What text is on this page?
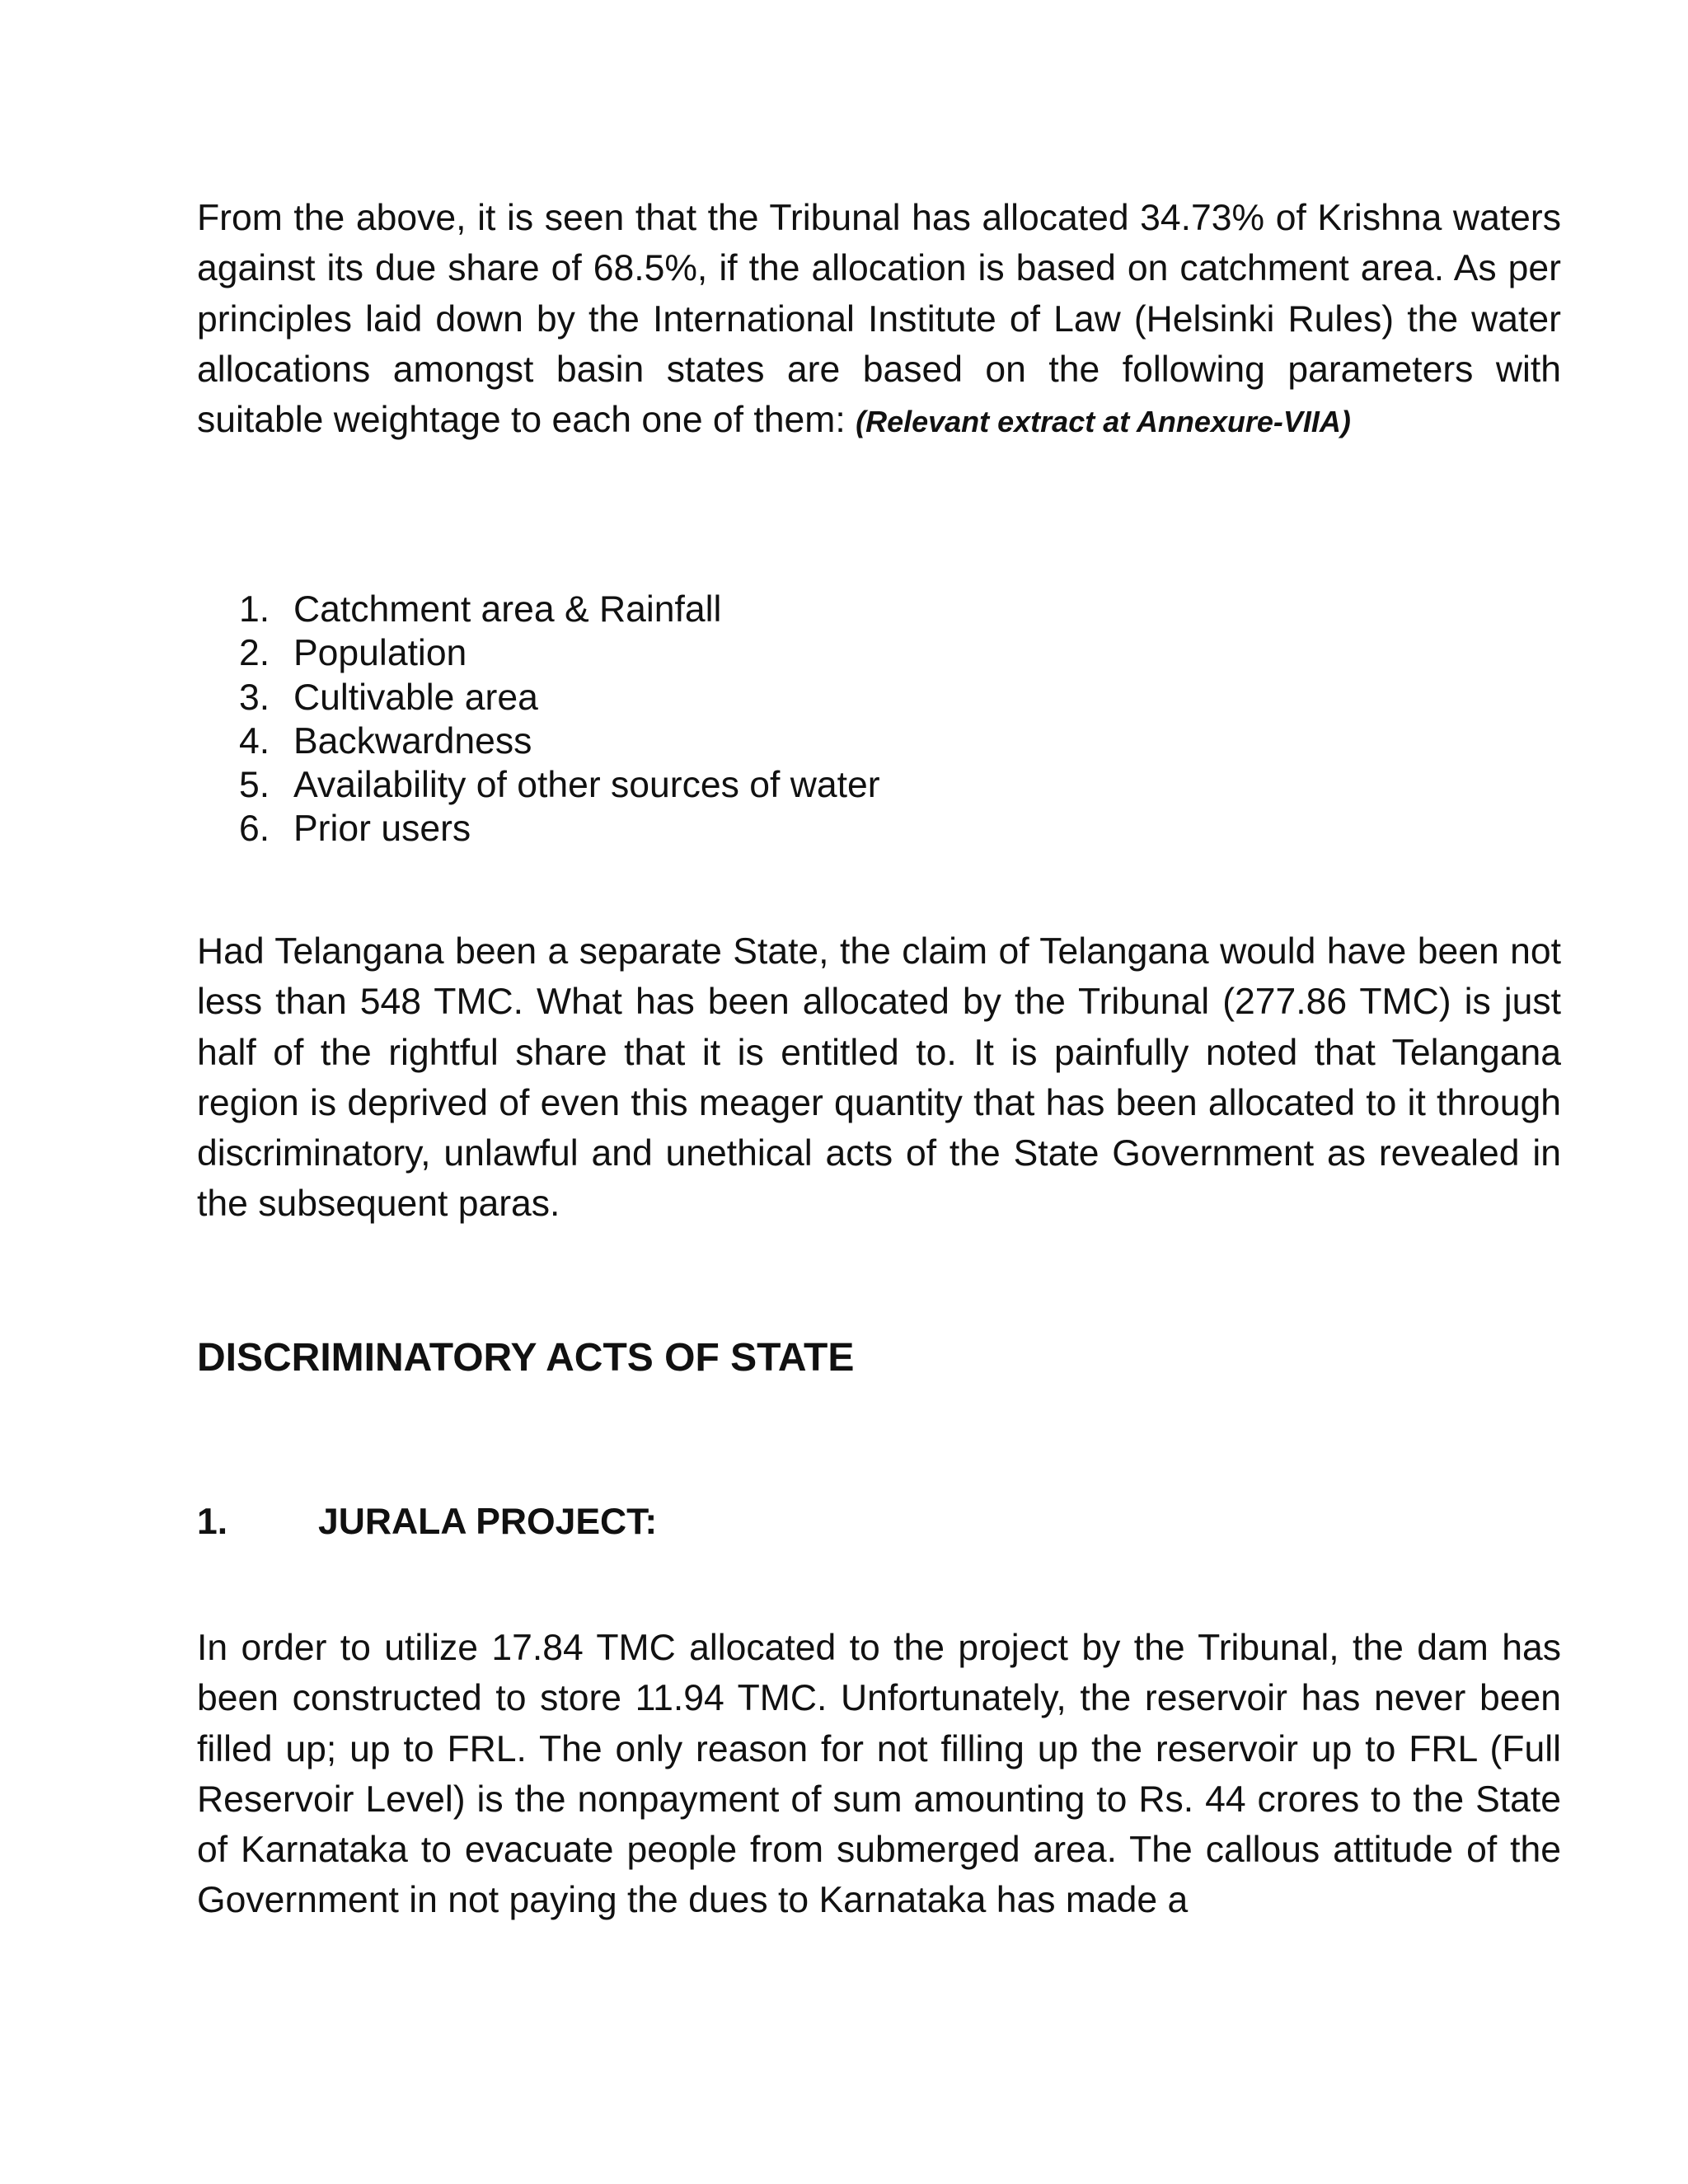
From the above, it is seen that the Tribunal has allocated 34.73% of Krishna waters against its due share of 68.5%, if the allocation is based on catchment area. As per principles laid down by the International Institute of Law (Helsinki Rules) the water allocations amongst basin states are based on the following parameters with suitable weightage to each one of them: (Relevant extract at Annexure-VIIA)

1. Catchment area & Rainfall
2. Population
3. Cultivable area
4. Backwardness
5. Availability of other sources of water
6. Prior users

Had Telangana been a separate State, the claim of Telangana would have been not less than 548 TMC. What has been allocated by the Tribunal (277.86 TMC) is just half of the rightful share that it is entitled to. It is painfully noted that Telangana region is deprived of even this meager quantity that has been allocated to it through discriminatory, unlawful and unethical acts of the State Government as revealed in the subsequent paras.

DISCRIMINATORY ACTS OF STATE
1.	JURALA PROJECT:

In order to utilize 17.84 TMC allocated to the project by the Tribunal, the dam has been constructed to store 11.94 TMC. Unfortunately, the reservoir has never been filled up; up to FRL. The only reason for not filling up the reservoir up to FRL (Full Reservoir Level) is the nonpayment of sum amounting to Rs. 44 crores to the State of Karnataka to evacuate people from submerged area. The callous attitude of the Government in not paying the dues to Karnataka has made a
